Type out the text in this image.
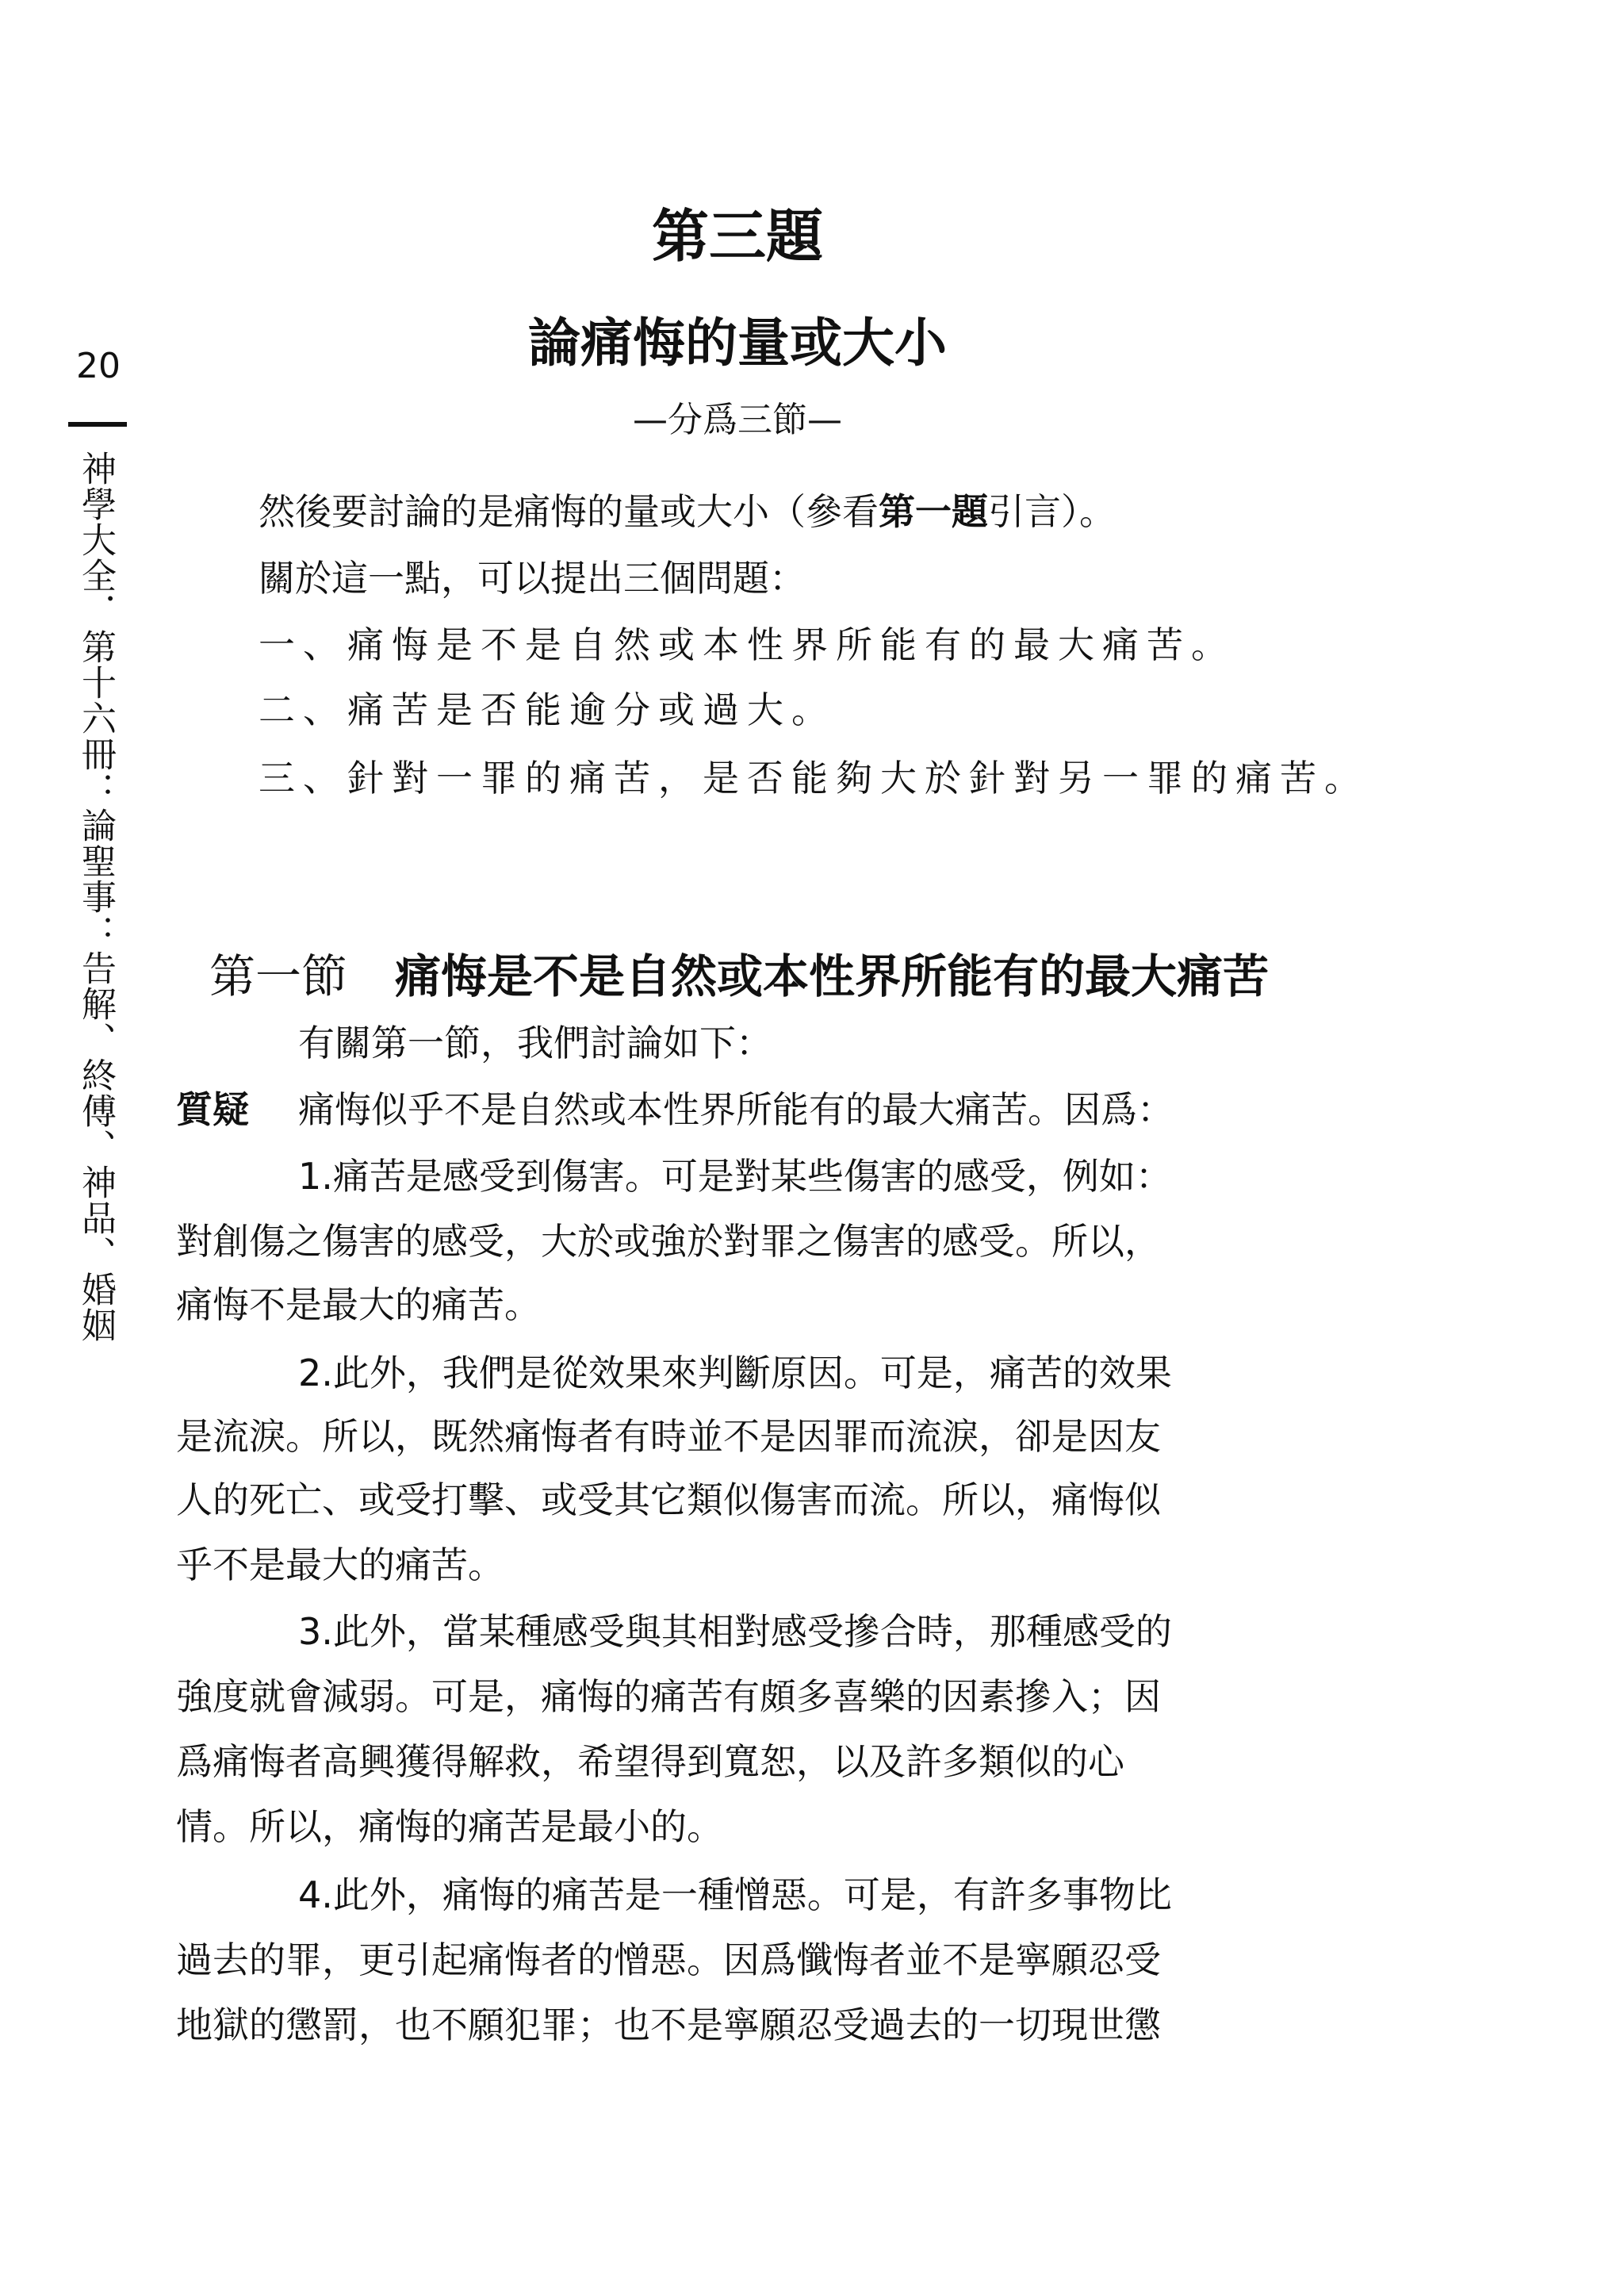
20
神學大全．第十六冊：論聖事：告解、終傅、神品、婚姻
第三題
論痛悔的量或大小
—分爲三節—
然後要討論的是痛悔的量或大小（參看第一題引言）。
關於這一點，可以提出三個問題：
一、痛悔是不是自然或本性界所能有的最大痛苦。
二、痛苦是否能逾分或過大。
三、針對一罪的痛苦，是否能夠大於針對另一罪的痛苦。
第一節 痛悔是不是自然或本性界所能有的最大痛苦
有關第一節，我們討論如下：
質疑 痛悔似乎不是自然或本性界所能有的最大痛苦。因爲：
1.痛苦是感受到傷害。可是對某些傷害的感受，例如：
對創傷之傷害的感受，大於或強於對罪之傷害的感受。所以，
痛悔不是最大的痛苦。
2.此外，我們是從效果來判斷原因。可是，痛苦的效果
是流淚。所以，既然痛悔者有時並不是因罪而流淚，卻是因友
人的死亡、或受打擊、或受其它類似傷害而流。所以，痛悔似
乎不是最大的痛苦。
3.此外，當某種感受與其相對感受摻合時，那種感受的
強度就會減弱。可是，痛悔的痛苦有頗多喜樂的因素摻入；因
爲痛悔者高興獲得解救，希望得到寬恕，以及許多類似的心
情。所以，痛悔的痛苦是最小的。
4.此外，痛悔的痛苦是一種憎惡。可是，有許多事物比
過去的罪，更引起痛悔者的憎惡。因爲懺悔者並不是寧願忍受
地獄的懲罰，也不願犯罪；也不是寧願忍受過去的一切現世懲
